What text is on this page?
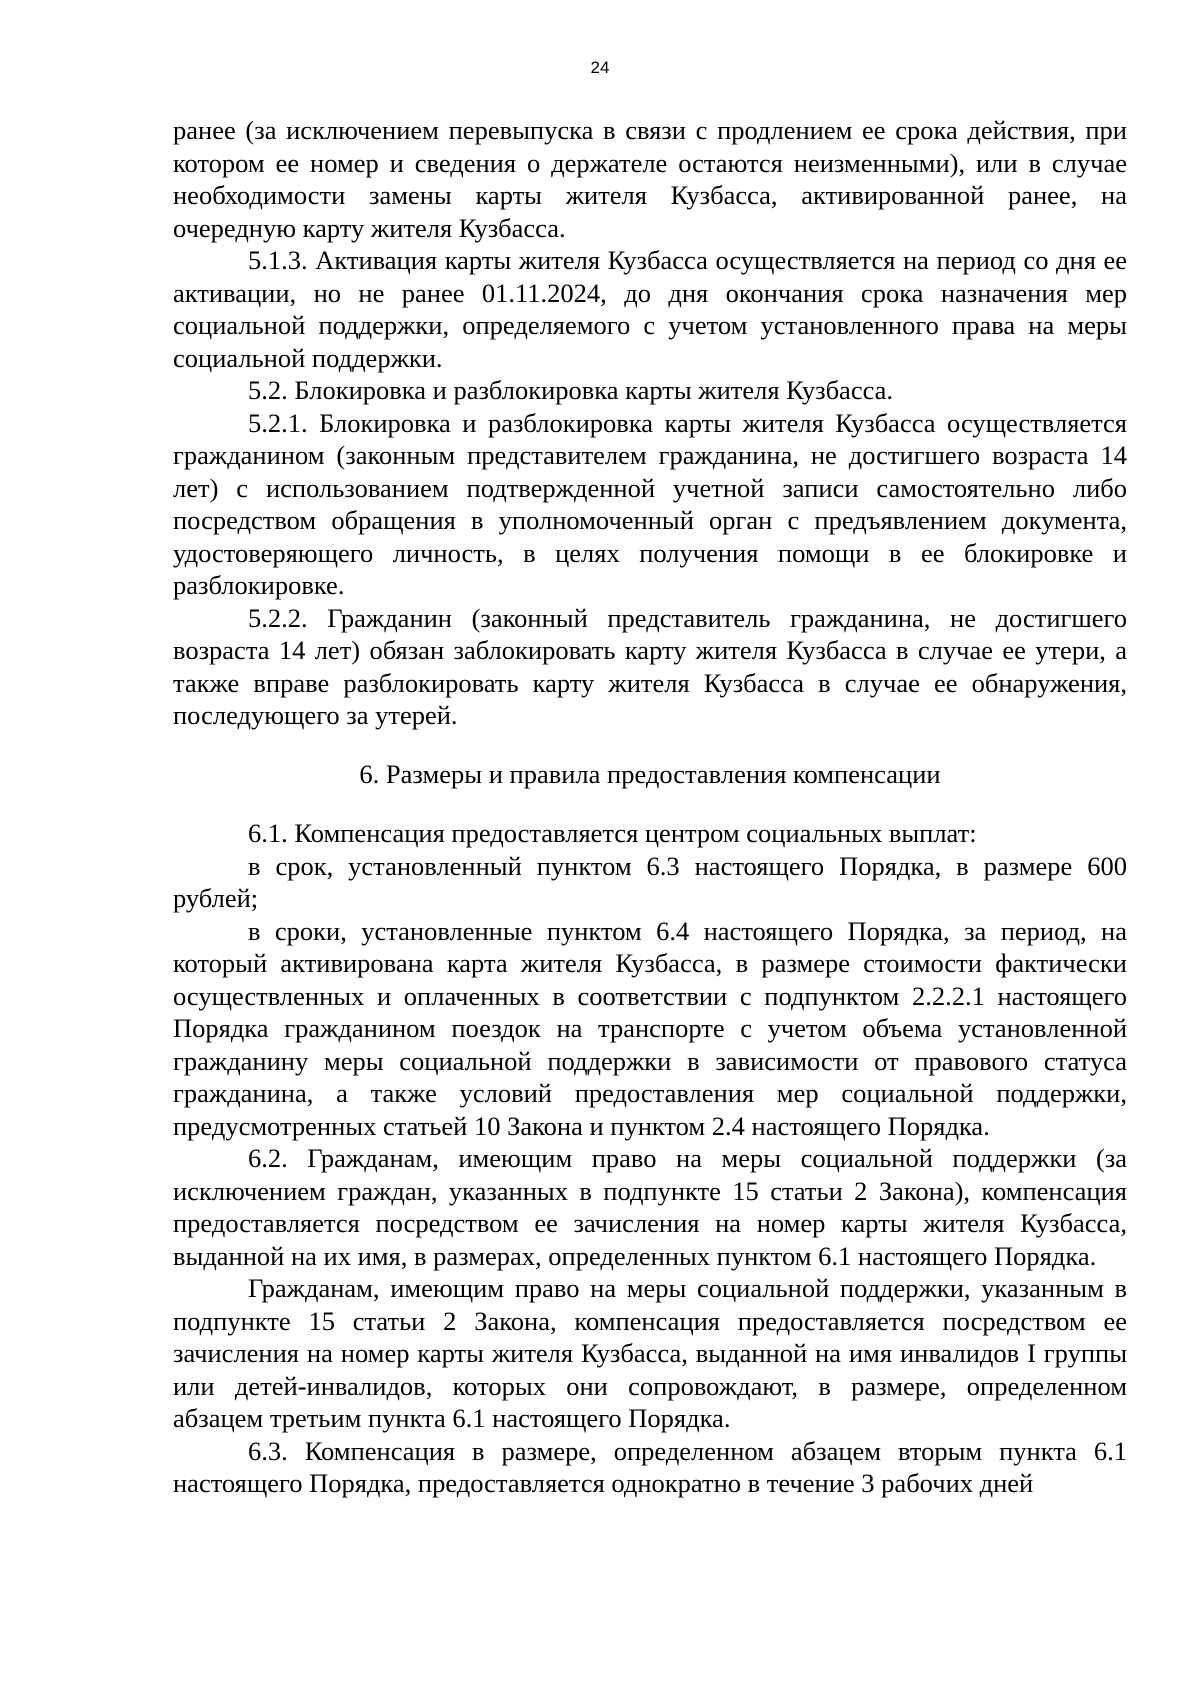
24

ранее (за исключением перевыпуска в связи с продлением ее срока действия, при котором ее номер и сведения о держателе остаются неизменными), или в случае необходимости замены карты жителя Кузбасса, активированной ранее, на очередную карту жителя Кузбасса.

5.1.3. Активация карты жителя Кузбасса осуществляется на период со дня ее активации, но не ранее 01.11.2024, до дня окончания срока назначения мер социальной поддержки, определяемого с учетом установленного права на меры социальной поддержки.

5.2. Блокировка и разблокировка карты жителя Кузбасса.

5.2.1. Блокировка и разблокировка карты жителя Кузбасса осуществляется гражданином (законным представителем гражданина, не достигшего возраста 14 лет) с использованием подтвержденной учетной записи самостоятельно либо посредством обращения в уполномоченный орган с предъявлением документа, удостоверяющего личность, в целях получения помощи в ее блокировке и разблокировке.

5.2.2. Гражданин (законный представитель гражданина, не достигшего возраста 14 лет) обязан заблокировать карту жителя Кузбасса в случае ее утери, а также вправе разблокировать карту жителя Кузбасса в случае ее обнаружения, последующего за утерей.

6. Размеры и правила предоставления компенсации

6.1. Компенсация предоставляется центром социальных выплат:

в срок, установленный пунктом 6.3 настоящего Порядка, в размере 600 рублей;

в сроки, установленные пунктом 6.4 настоящего Порядка, за период, на который активирована карта жителя Кузбасса, в размере стоимости фактически осуществленных и оплаченных в соответствии с подпунктом 2.2.2.1 настоящего Порядка гражданином поездок на транспорте с учетом объема установленной гражданину меры социальной поддержки в зависимости от правового статуса гражданина, а также условий предоставления мер социальной поддержки, предусмотренных статьей 10 Закона и пунктом 2.4 настоящего Порядка.

6.2. Гражданам, имеющим право на меры социальной поддержки (за исключением граждан, указанных в подпункте 15 статьи 2 Закона), компенсация предоставляется посредством ее зачисления на номер карты жителя Кузбасса, выданной на их имя, в размерах, определенных пунктом 6.1 настоящего Порядка.

Гражданам, имеющим право на меры социальной поддержки, указанным в подпункте 15 статьи 2 Закона, компенсация предоставляется посредством ее зачисления на номер карты жителя Кузбасса, выданной на имя инвалидов I группы или детей-инвалидов, которых они сопровождают, в размере, определенном абзацем третьим пункта 6.1 настоящего Порядка.

6.3. Компенсация в размере, определенном абзацем вторым пункта 6.1 настоящего Порядка, предоставляется однократно в течение 3 рабочих дней
